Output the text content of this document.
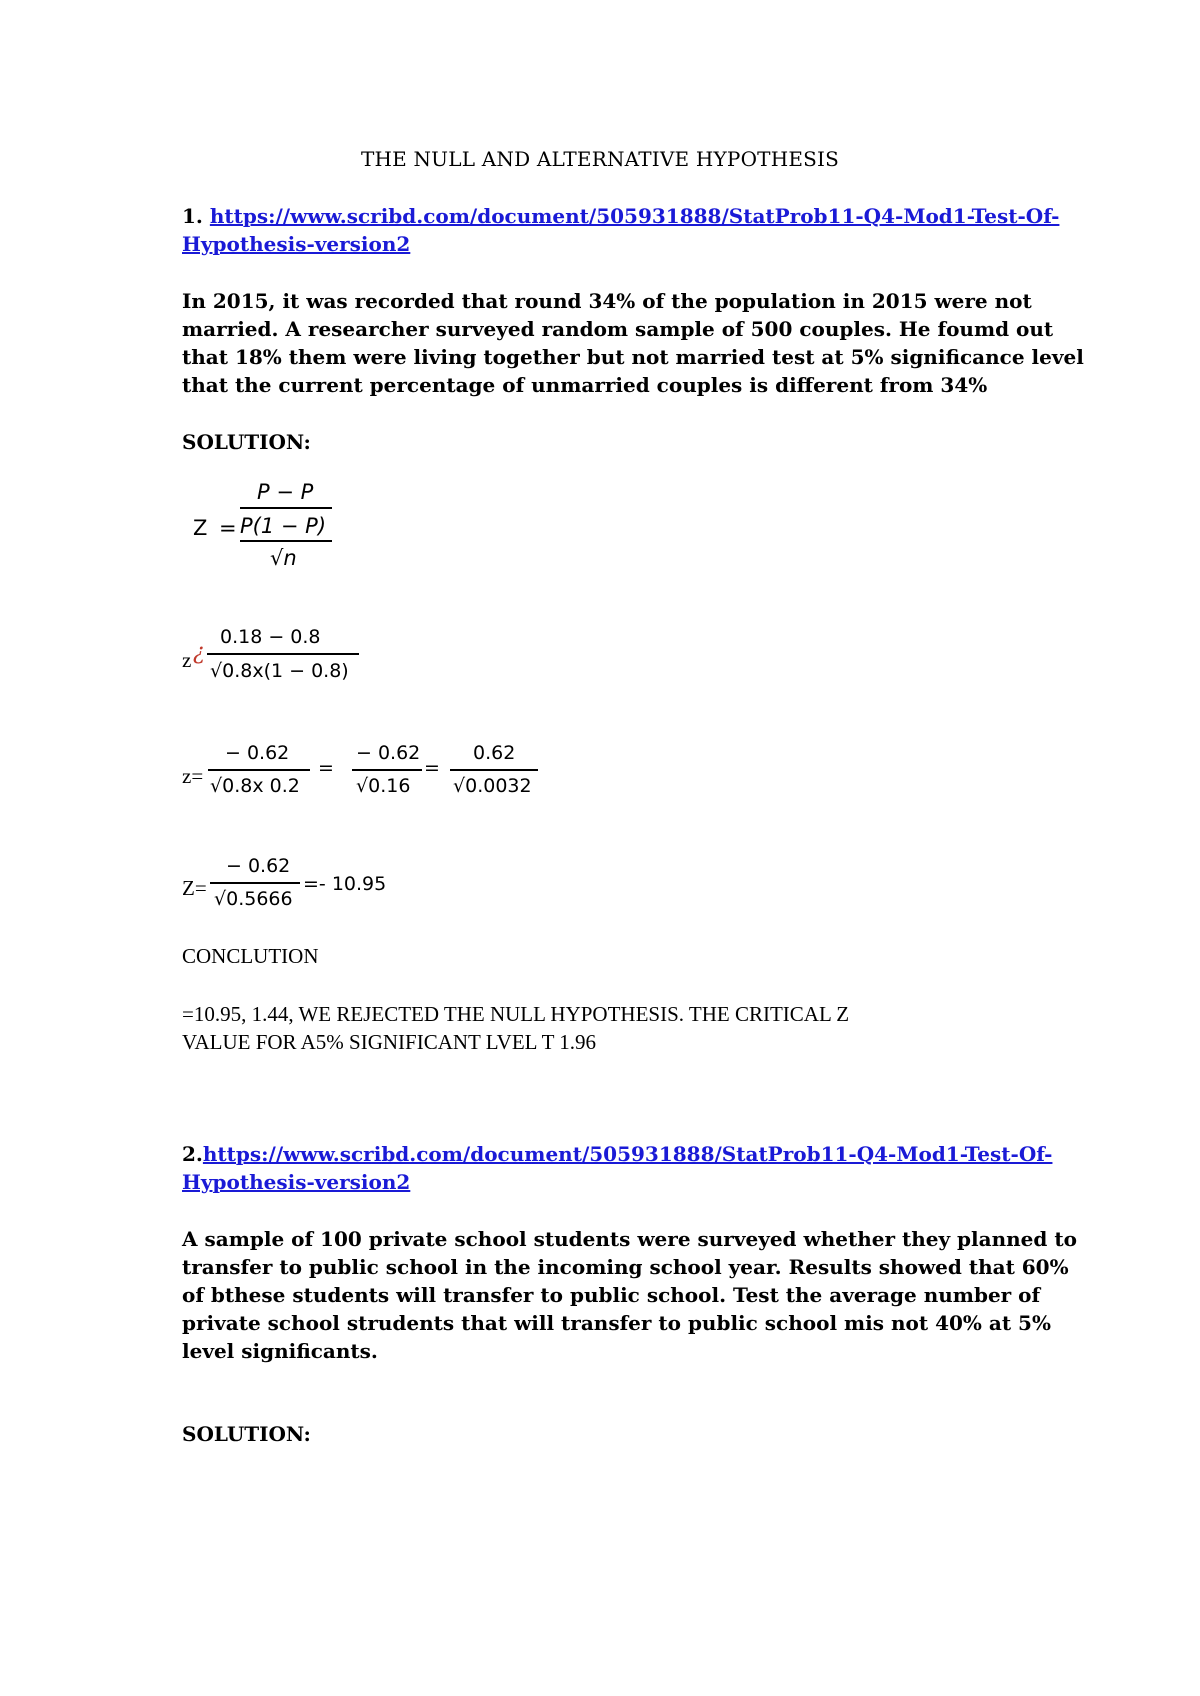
THE NULL AND ALTERNATIVE HYPOTHESIS
1. https://www.scribd.com/document/505931888/StatProb11-Q4-Mod1-Test-Of-
Hypothesis-version2
In 2015, it was recorded that round 34% of the population in 2015 were not
married. A researcher surveyed random sample of 500 couples. He foumd out
that 18% them were living together but not married test at 5% significance level
that the current percentage of unmarried couples is different from 34%
SOLUTION:
P − P
Z = P(1 − P)
√n
0.18 − 0.8
z ¿
√0.8x(1 − 0.8)
z=
− 0.62
√0.8x 0.2
=
− 0.62
√0.16
=
0.62
√0.0032
Z=
− 0.62
√0.5666
=- 10.95
CONCLUTION
=10.95, 1.44, WE REJECTED THE NULL HYPOTHESIS. THE CRITICAL Z
VALUE FOR A5% SIGNIFICANT LVEL T 1.96
2.https://www.scribd.com/document/505931888/StatProb11-Q4-Mod1-Test-Of-
Hypothesis-version2
A sample of 100 private school students were surveyed whether they planned to
transfer to public school in the incoming school year. Results showed that 60%
of bthese students will transfer to public school. Test the average number of
private school strudents that will transfer to public school mis not 40% at 5%
level significants.
SOLUTION:
